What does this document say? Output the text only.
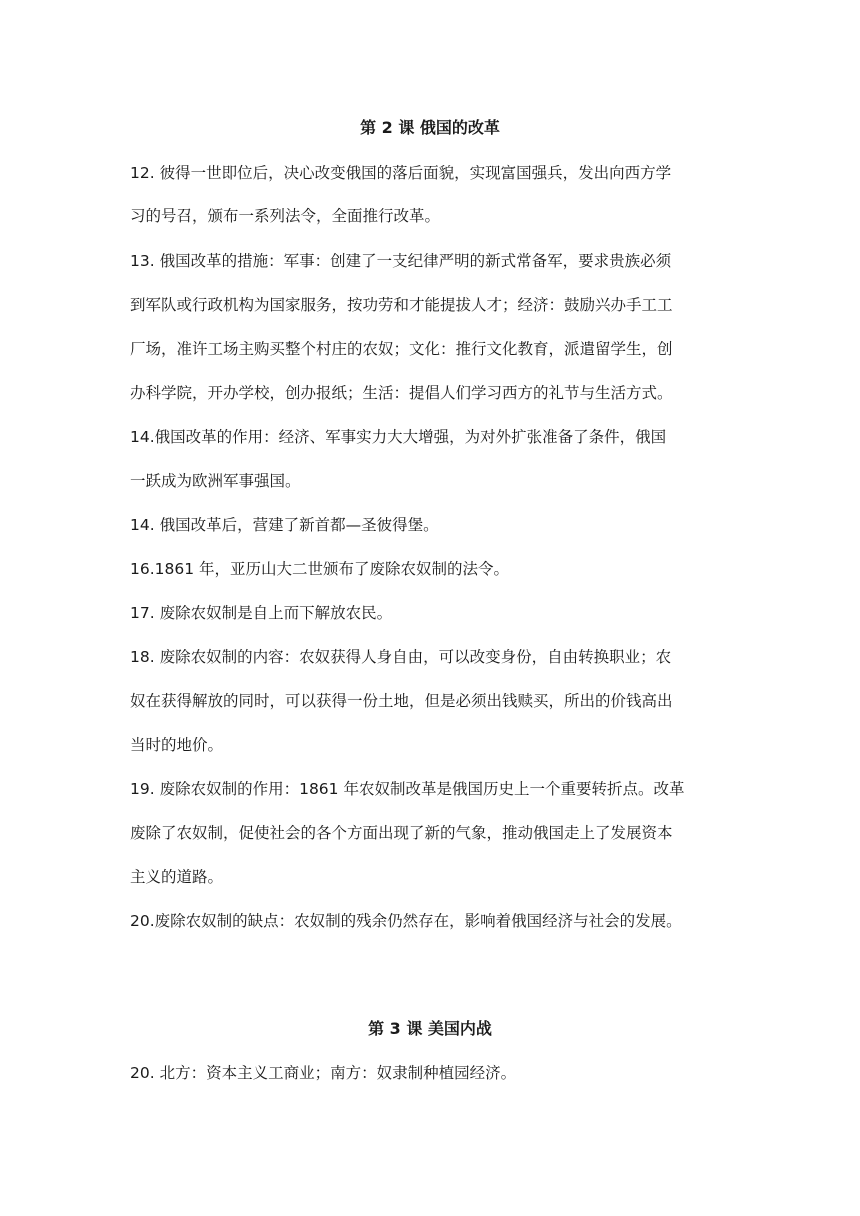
第 2 课 俄国的改革
12. 彼得一世即位后，决心改变俄国的落后面貌，实现富国强兵，发出向西方学
习的号召，颁布一系列法令，全面推行改革。
13. 俄国改革的措施：军事：创建了一支纪律严明的新式常备军，要求贵族必须
到军队或行政机构为国家服务，按功劳和才能提拔人才；经济：鼓励兴办手工工
厂场，准许工场主购买整个村庄的农奴；文化：推行文化教育，派遣留学生，创
办科学院，开办学校，创办报纸；生活：提倡人们学习西方的礼节与生活方式。
14.俄国改革的作用：经济、军事实力大大增强，为对外扩张准备了条件，俄国
一跃成为欧洲军事强国。
14. 俄国改革后，营建了新首都—圣彼得堡。
16.1861 年，亚历山大二世颁布了废除农奴制的法令。
17. 废除农奴制是自上而下解放农民。
18. 废除农奴制的内容：农奴获得人身自由，可以改变身份，自由转换职业；农
奴在获得解放的同时，可以获得一份土地，但是必须出钱赎买，所出的价钱高出
当时的地价。
19. 废除农奴制的作用：1861 年农奴制改革是俄国历史上一个重要转折点。改革
废除了农奴制，促使社会的各个方面出现了新的气象，推动俄国走上了发展资本
主义的道路。
20.废除农奴制的缺点：农奴制的残余仍然存在，影响着俄国经济与社会的发展。
第 3 课 美国内战
20. 北方：资本主义工商业；南方：奴隶制种植园经济。
